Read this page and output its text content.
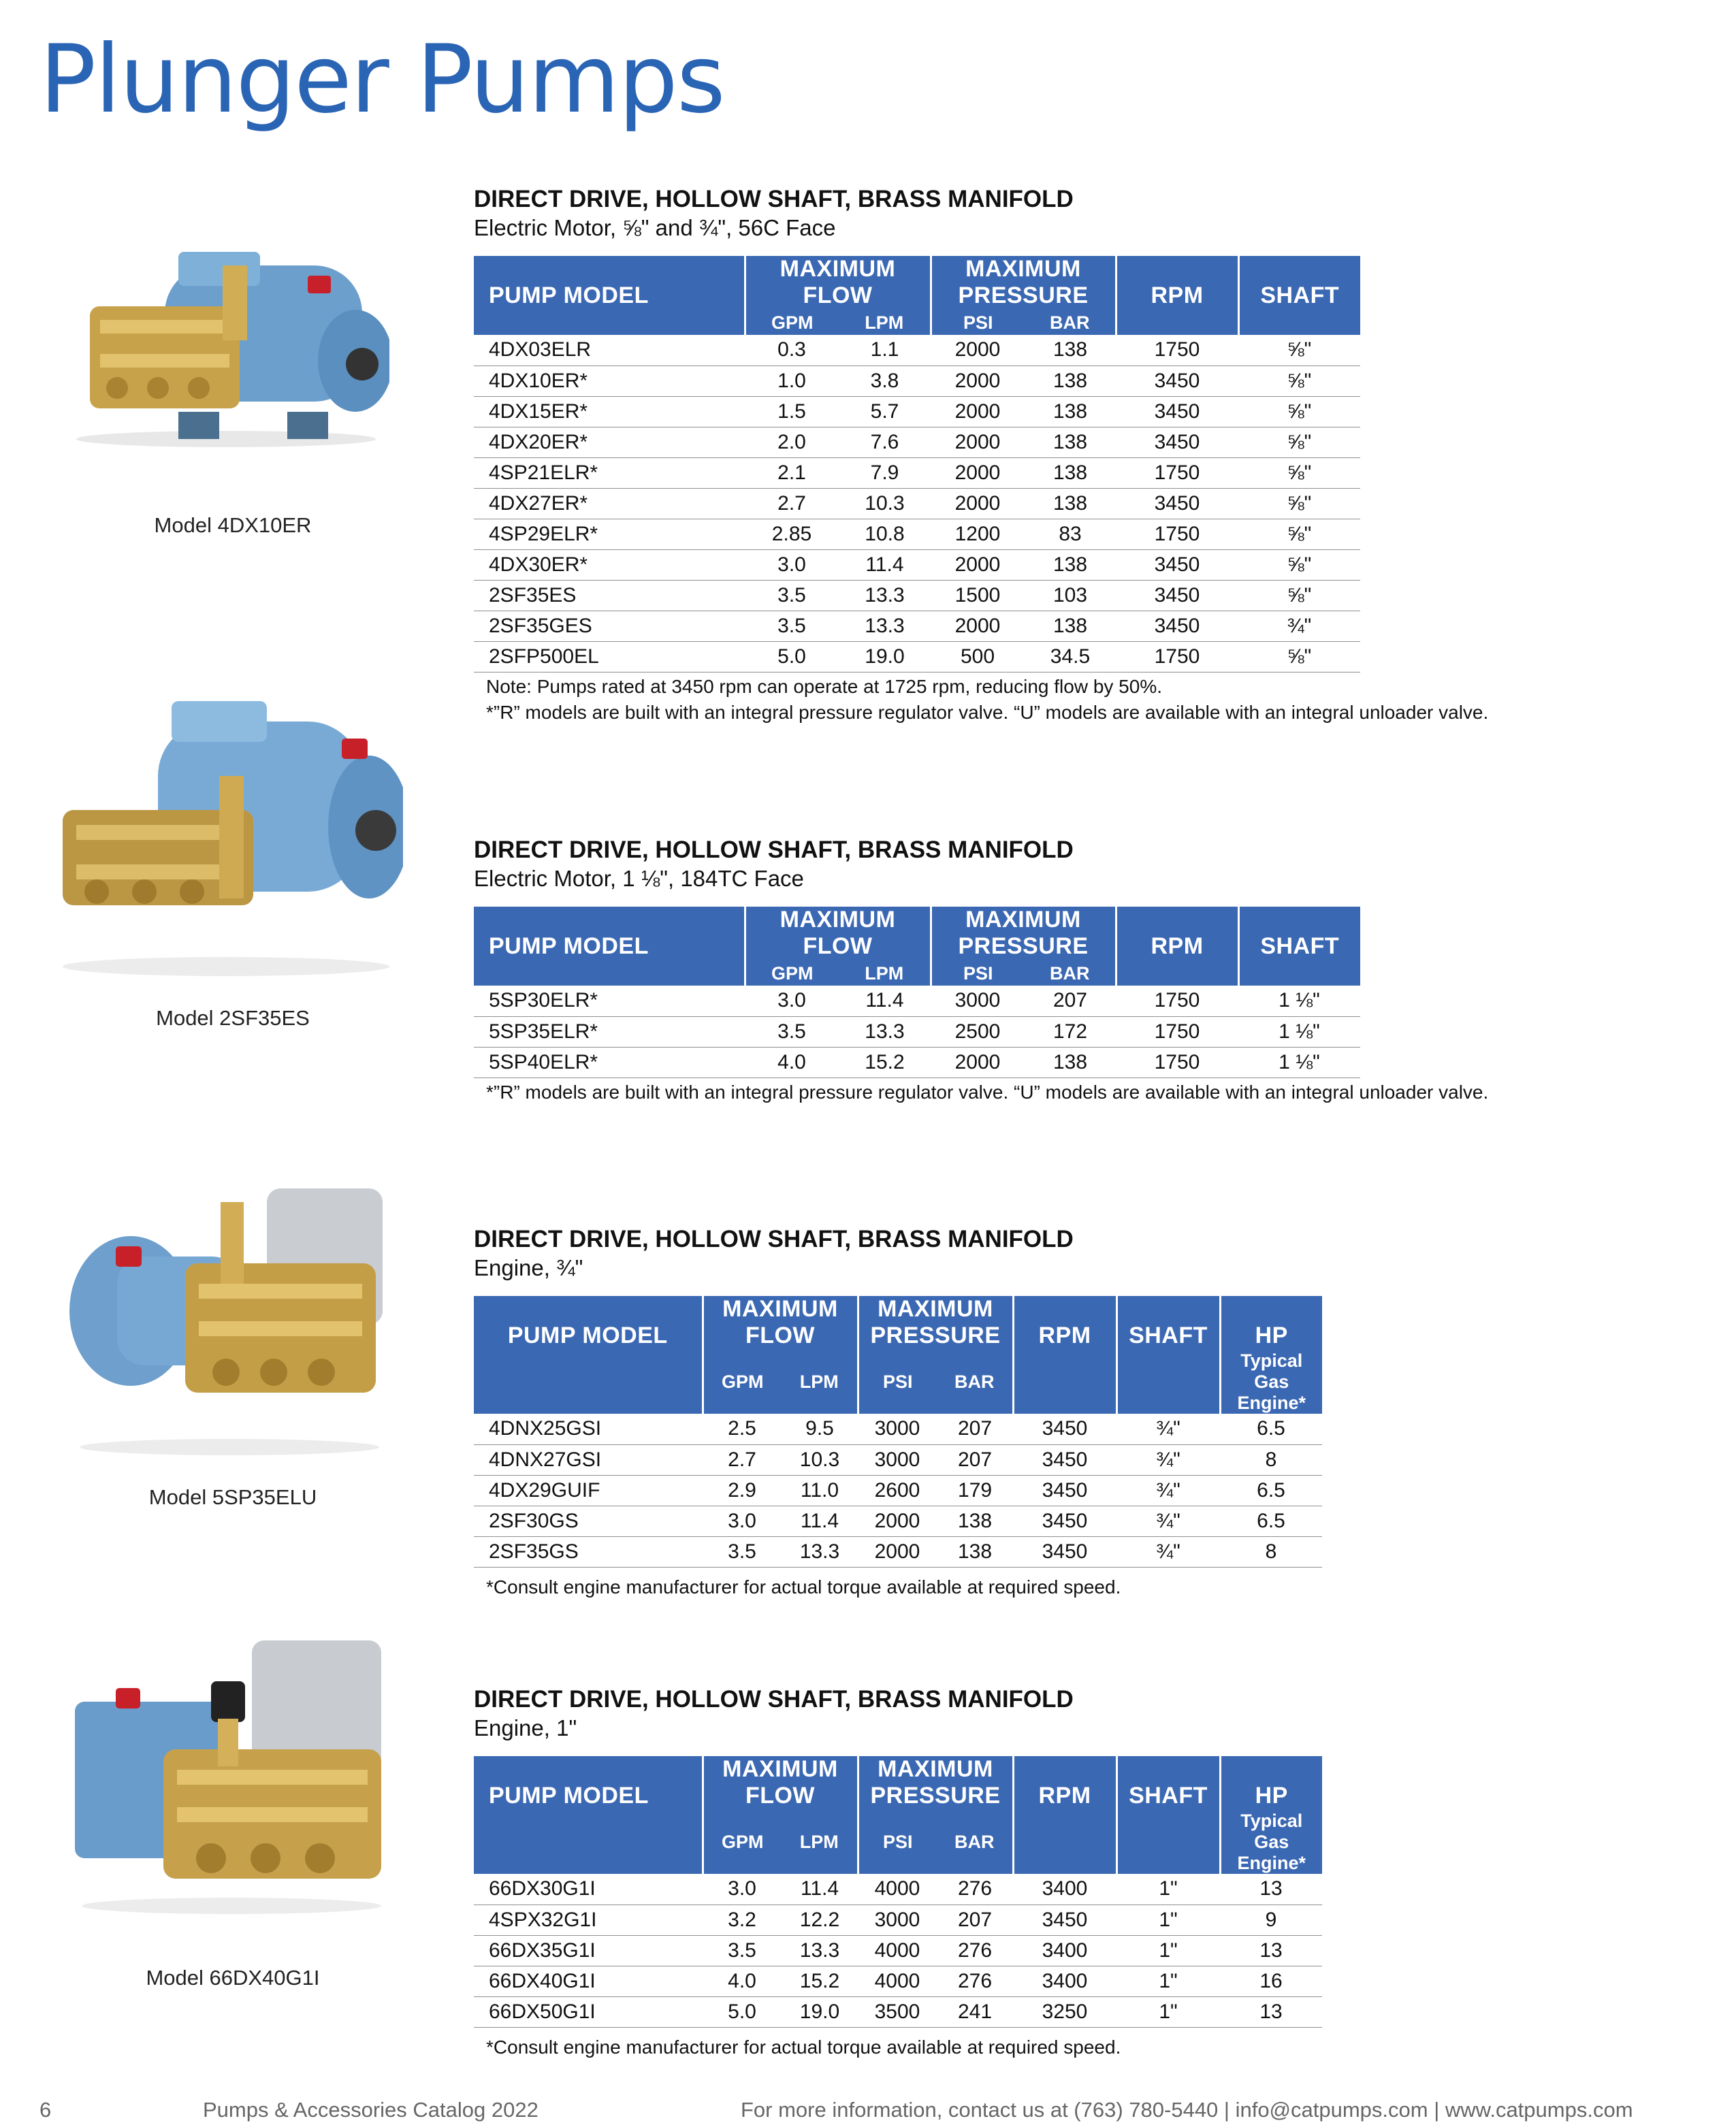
Plunger Pumps
Model 4DX10ER
Model 2SF35ES
Model 5SP35ELU
Model 66DX40G1I
DIRECT DRIVE, HOLLOW SHAFT, BRASS MANIFOLD
Electric Motor, ⅝" and ¾", 56C Face
PUMP MODEL	MAXIMUM FLOW		MAXIMUM PRESSURE		RPM	SHAFT
	GPM	LPM	PSI	BAR		
4DX03ELR	0.3	1.1	2000	138	1750	⅝"
4DX10ER*	1.0	3.8	2000	138	3450	⅝"
4DX15ER*	1.5	5.7	2000	138	3450	⅝"
4DX20ER*	2.0	7.6	2000	138	3450	⅝"
4SP21ELR*	2.1	7.9	2000	138	1750	⅝"
4DX27ER*	2.7	10.3	2000	138	3450	⅝"
4SP29ELR*	2.85	10.8	1200	83	1750	⅝"
4DX30ER*	3.0	11.4	2000	138	3450	⅝"
2SF35ES	3.5	13.3	1500	103	3450	⅝"
2SF35GES	3.5	13.3	2000	138	3450	¾"
2SFP500EL	5.0	19.0	500	34.5	1750	⅝"
Note: Pumps rated at 3450 rpm can operate at 1725 rpm, reducing flow by 50%.
*”R” models are built with an integral pressure regulator valve. “U” models are available with an integral unloader valve.
DIRECT DRIVE, HOLLOW SHAFT, BRASS MANIFOLD
Electric Motor, 1 ⅛", 184TC Face
PUMP MODEL	MAXIMUM FLOW		MAXIMUM PRESSURE		RPM	SHAFT
	GPM	LPM	PSI	BAR		
5SP30ELR*	3.0	11.4	3000	207	1750	1 ⅛"
5SP35ELR*	3.5	13.3	2500	172	1750	1 ⅛"
5SP40ELR*	4.0	15.2	2000	138	1750	1 ⅛"
*”R” models are built with an integral pressure regulator valve. “U” models are available with an integral unloader valve.
DIRECT DRIVE, HOLLOW SHAFT, BRASS MANIFOLD
Engine, ¾"
PUMP MODEL	MAXIMUM FLOW		MAXIMUM PRESSURE		RPM	SHAFT	HP
	GPM	LPM	PSI	BAR			Typical Gas Engine*
4DNX25GSI	2.5	9.5	3000	207	3450	¾"	6.5
4DNX27GSI	2.7	10.3	3000	207	3450	¾"	8
4DX29GUIF	2.9	11.0	2600	179	3450	¾"	6.5
2SF30GS	3.0	11.4	2000	138	3450	¾"	6.5
2SF35GS	3.5	13.3	2000	138	3450	¾"	8
*Consult engine manufacturer for actual torque available at required speed.
DIRECT DRIVE, HOLLOW SHAFT, BRASS MANIFOLD
Engine, 1"
PUMP MODEL	MAXIMUM FLOW		MAXIMUM PRESSURE		RPM	SHAFT	HP
	GPM	LPM	PSI	BAR			Typical Gas Engine*
66DX30G1I	3.0	11.4	4000	276	3400	1"	13
4SPX32G1I	3.2	12.2	3000	207	3450	1"	9
66DX35G1I	3.5	13.3	4000	276	3400	1"	13
66DX40G1I	4.0	15.2	4000	276	3400	1"	16
66DX50G1I	5.0	19.0	3500	241	3250	1"	13
*Consult engine manufacturer for actual torque available at required speed.
6	Pumps & Accessories Catalog 2022	For more information, contact us at (763) 780-5440 | info@catpumps.com | www.catpumps.com
